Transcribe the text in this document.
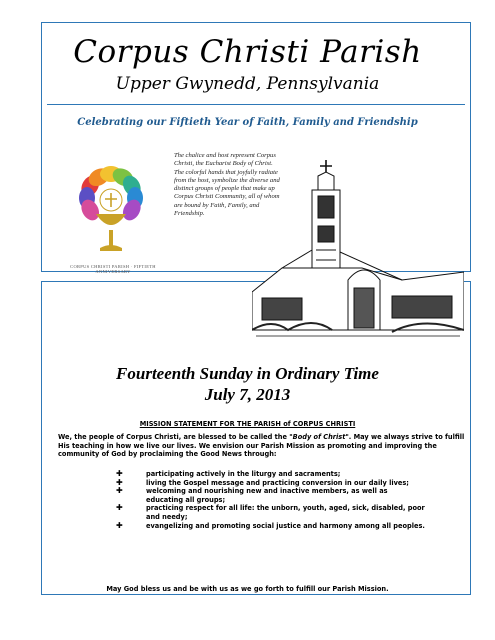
Corpus Christi Parish
Upper Gwynedd, Pennsylvania
Celebrating our Fiftieth Year of Faith, Family and Friendship
CORPUS CHRISTI PARISH · FIFTIETH ANNIVERSARY
The chalice and host represent Corpus Christi, the Eucharist Body of Christ. The colorful hands that joyfully radiate from the host, symbolize the diverse and distinct groups of people that make up Corpus Christi Community, all of whom are bound by Faith, Family, and Friendship.
Fourteenth Sunday in Ordinary Time
July 7, 2013
MISSION STATEMENT FOR THE PARISH of CORPUS CHRISTI
We, the people of Corpus Christi, are blessed to be called the "Body of Christ". May we always strive to fulfill His teaching in how we live our lives. We envision our Parish Mission as promoting and improving the community of God by proclaiming the Good News through:
✚	participating actively in the liturgy and sacraments;
✚	living the Gospel message and practicing conversion in our daily lives;
✚	welcoming and nourishing new and inactive members, as well as educating all groups;
✚	practicing respect for all life: the unborn, youth, aged, sick, disabled, poor and needy;
✚	evangelizing and promoting social justice and harmony among all peoples.
May God bless us and be with us as we go forth to fulfill our Parish Mission.
